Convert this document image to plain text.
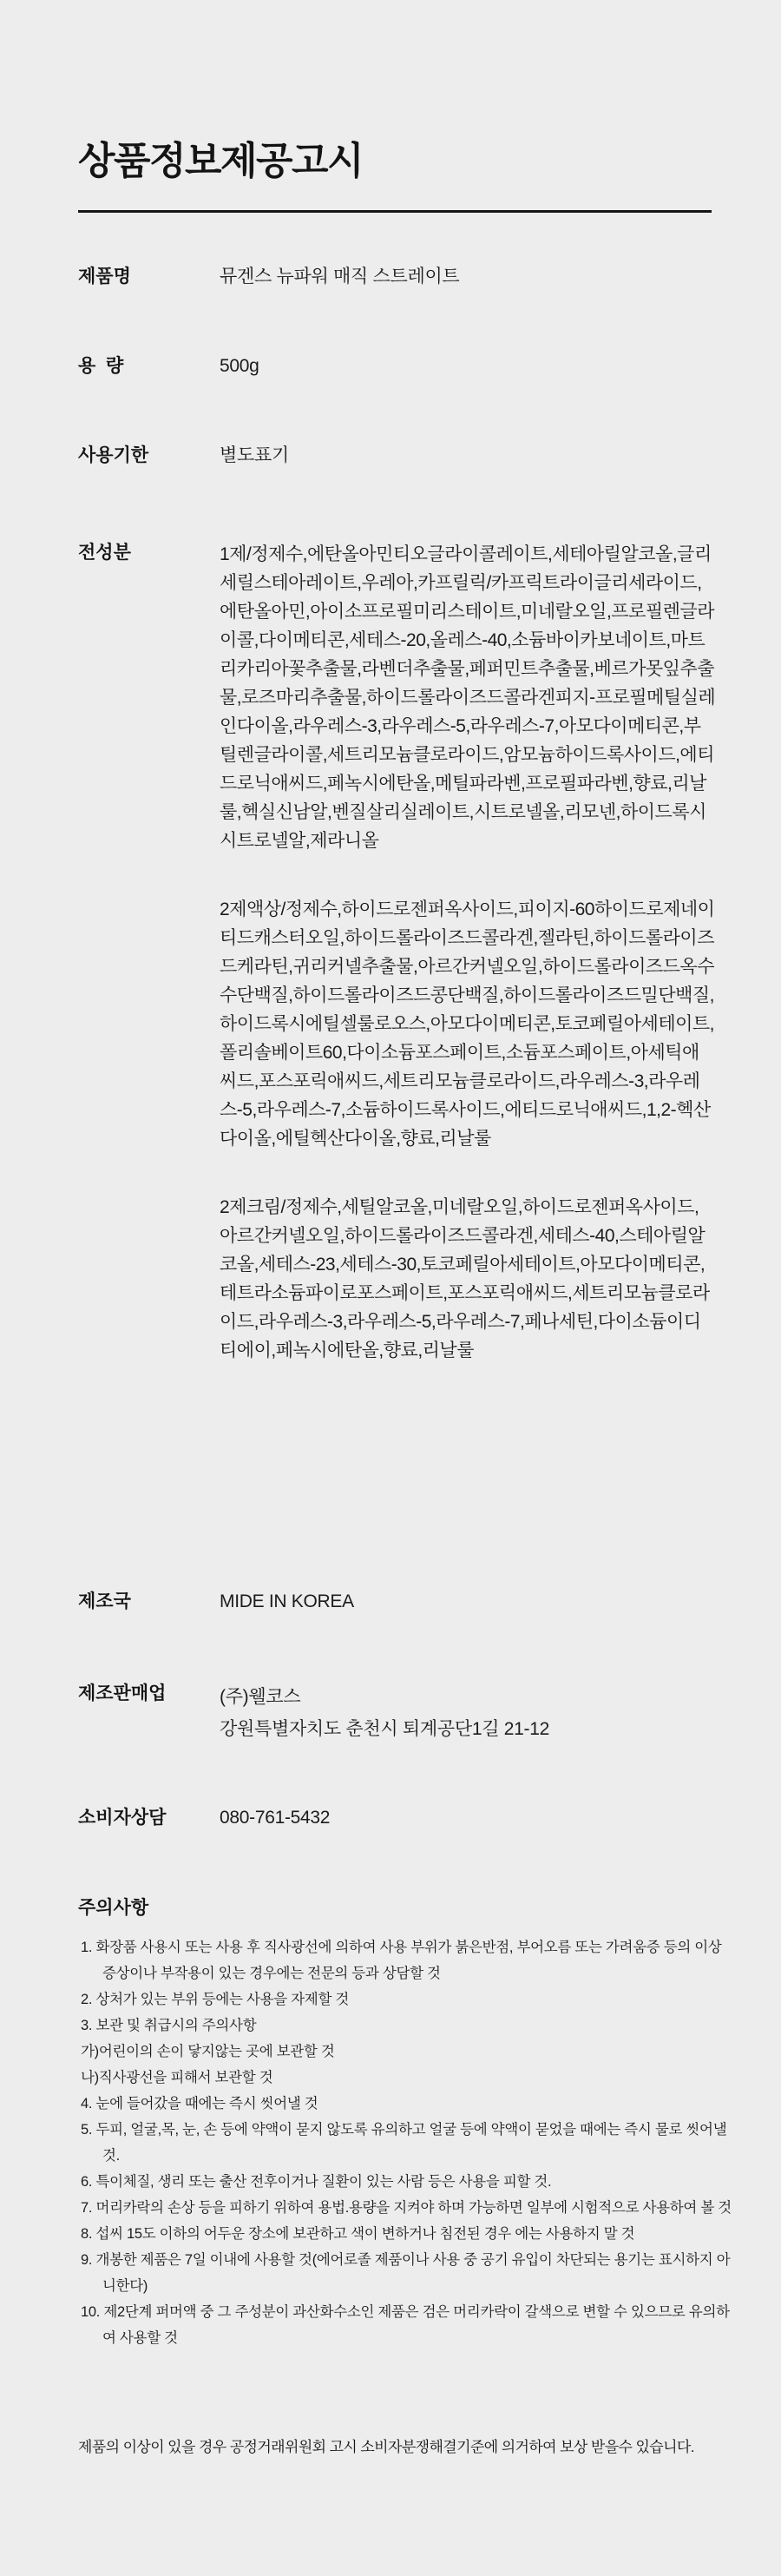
상품정보제공고시
제품명	뮤겐스 뉴파워 매직 스트레이트
용  량	500g
사용기한	별도표기
전성분	1제/정제수,에탄올아민티오글라이콜레이트,세테아릴알코올,글리세릴스테아레이트,우레아,카프릴릭/카프릭트라이글리세라이드,에탄올아민,아이소프로필미리스테이트,미네랄오일,프로필렌글라이콜,다이메티콘,세테스-20,올레스-40,소듐바이카보네이트,마트리카리아꽃추출물,라벤더추출물,페퍼민트추출물,베르가못잎추출물,로즈마리추출물,하이드롤라이즈드콜라겐피지-프로필메틸실레인다이올,라우레스-3,라우레스-5,라우레스-7,아모다이메티콘,부틸렌글라이콜,세트리모늄클로라이드,암모늄하이드록사이드,에티드로닉애씨드,페녹시에탄올,메틸파라벤,프로필파라벤,향료,리날룰,헥실신남알,벤질살리실레이트,시트로넬올,리모넨,하이드록시시트로넬알,제라니올

2제액상/정제수,하이드로젠퍼옥사이드,피이지-60하이드로제네이티드캐스터오일,하이드롤라이즈드콜라겐,젤라틴,하이드롤라이즈드케라틴,귀리커넬추출물,아르간커넬오일,하이드롤라이즈드옥수수단백질,하이드롤라이즈드콩단백질,하이드롤라이즈드밀단백질,하이드록시에틸셀룰로오스,아모다이메티콘,토코페릴아세테이트,폴리솔베이트60,다이소듐포스페이트,소듐포스페이트,아세틱애씨드,포스포릭애씨드,세트리모늄클로라이드,라우레스-3,라우레스-5,라우레스-7,소듐하이드록사이드,에티드로닉애씨드,1,2-헥산다이올,에틸헥산다이올,향료,리날룰

2제크림/정제수,세틸알코올,미네랄오일,하이드로젠퍼옥사이드,아르간커넬오일,하이드롤라이즈드콜라겐,세테스-40,스테아릴알코올,세테스-23,세테스-30,토코페릴아세테이트,아모다이메티콘,테트라소듐파이로포스페이트,포스포릭애씨드,세트리모늄클로라이드,라우레스-3,라우레스-5,라우레스-7,페나세틴,다이소듐이디티에이,페녹시에탄올,향료,리날룰

제조국	MIDE IN KOREA
제조판매업	(주)웰코스
강원특별자치도 춘천시 퇴계공단1길 21-12
소비자상담	080-761-5432
주의사항
1. 화장품 사용시 또는 사용 후 직사광선에 의하여 사용 부위가 붉은반점, 부어오름 또는 가려움증 등의 이상 증상이나 부작용이 있는 경우에는 전문의 등과 상담할 것
2. 상처가 있는 부위 등에는 사용을 자제할 것
3. 보관 및 취급시의 주의사항
가)어린이의 손이 닿지않는 곳에 보관할 것
나)직사광선을 피해서 보관할 것
4. 눈에 들어갔을 때에는 즉시 씻어낼 것
5. 두피, 얼굴,목, 눈, 손 등에 약액이 묻지 않도록 유의하고 얼굴 등에 약액이 묻었을 때에는 즉시 물로 씻어낼 것.
6. 특이체질, 생리 또는 출산 전후이거나 질환이 있는 사람 등은 사용을 피할 것.
7. 머리카락의 손상 등을 피하기 위하여 용법.용량을 지켜야 하며 가능하면 일부에 시험적으로 사용하여 볼 것
8. 섭씨 15도 이하의 어두운 장소에 보관하고 색이 변하거나 침전된 경우 에는 사용하지 말 것
9. 개봉한 제품은 7일 이내에 사용할 것(에어로졸 제품이나 사용 중 공기 유입이 차단되는 용기는 표시하지 아니한다)
10. 제2단계 퍼머액 중 그 주성분이 과산화수소인 제품은 검은 머리카락이 갈색으로 변할 수 있으므로 유의하여 사용할 것
제품의 이상이 있을 경우 공정거래위원회 고시 소비자분쟁해결기준에 의거하여 보상 받을수 있습니다.
